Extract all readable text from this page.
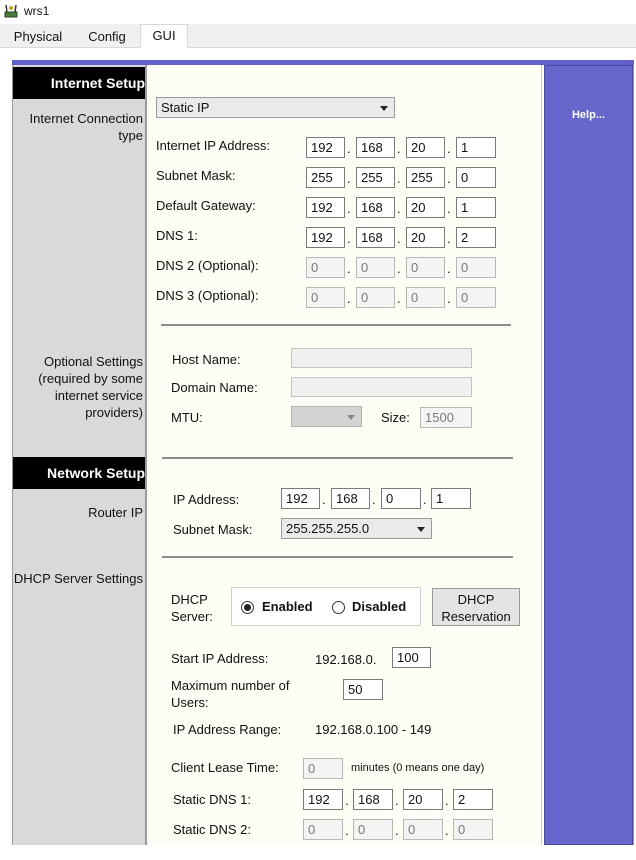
wrs1
Physical	Config	GUI
Help...
Internet Setup
Internet Connection type
Static IP
Internet IP Address:	192	. 168	. 20	. 1
Subnet Mask:	255	. 255	. 255	. 0
Default Gateway:	192	. 168	. 20	. 1
DNS 1:	192	. 168	. 20	. 2
DNS 2 (Optional):	0	. 0	. 0	. 0
DNS 3 (Optional):	0	. 0	. 0	. 0
Optional Settings (required by some internet service providers)
Host Name:
Domain Name:
MTU:	Size:	1500
Network Setup
Router IP
IP Address:	192	. 168	. 0	. 1
Subnet Mask:	255.255.255.0
DHCP Server Settings
DHCP Server:
Enabled	Disabled	DHCP Reservation
Start IP Address:	192.168.0.	100
Maximum number of Users:
50
IP Address Range:	192.168.0.100 - 149
Client Lease Time:	0	minutes (0 means one day)
Static DNS 1:	192	. 168	. 20	. 2
Static DNS 2:	0	. 0	. 0	. 0
